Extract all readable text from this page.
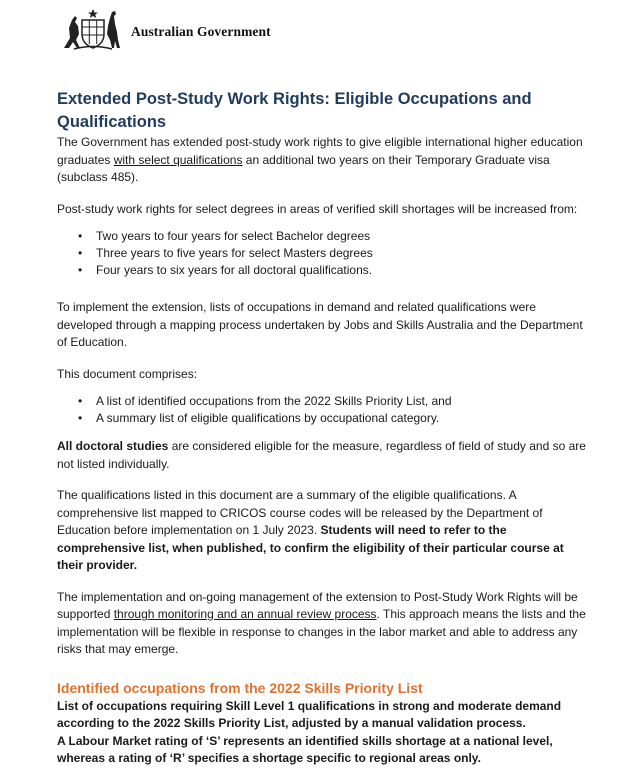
Australian Government
Extended Post-Study Work Rights: Eligible Occupations and Qualifications

The Government has extended post-study work rights to give eligible international higher education graduates with select qualifications an additional two years on their Temporary Graduate visa (subclass 485).

Post-study work rights for select degrees in areas of verified skill shortages will be increased from:

• Two years to four years for select Bachelor degrees
• Three years to five years for select Masters degrees
• Four years to six years for all doctoral qualifications.

To implement the extension, lists of occupations in demand and related qualifications were developed through a mapping process undertaken by Jobs and Skills Australia and the Department of Education.

This document comprises:

• A list of identified occupations from the 2022 Skills Priority List, and
• A summary list of eligible qualifications by occupational category.

All doctoral studies are considered eligible for the measure, regardless of field of study and so are not listed individually.

The qualifications listed in this document are a summary of the eligible qualifications. A comprehensive list mapped to CRICOS course codes will be released by the Department of Education before implementation on 1 July 2023. Students will need to refer to the comprehensive list, when published, to confirm the eligibility of their particular course at their provider.

The implementation and on-going management of the extension to Post-Study Work Rights will be supported through monitoring and an annual review process. This approach means the lists and the implementation will be flexible in response to changes in the labor market and able to address any risks that may emerge.

Identified occupations from the 2022 Skills Priority List

List of occupations requiring Skill Level 1 qualifications in strong and moderate demand according to the 2022 Skills Priority List, adjusted by a manual validation process.

A Labour Market rating of ‘S’ represents an identified skills shortage at a national level, whereas a rating of ‘R’ specifies a shortage specific to regional areas only.
